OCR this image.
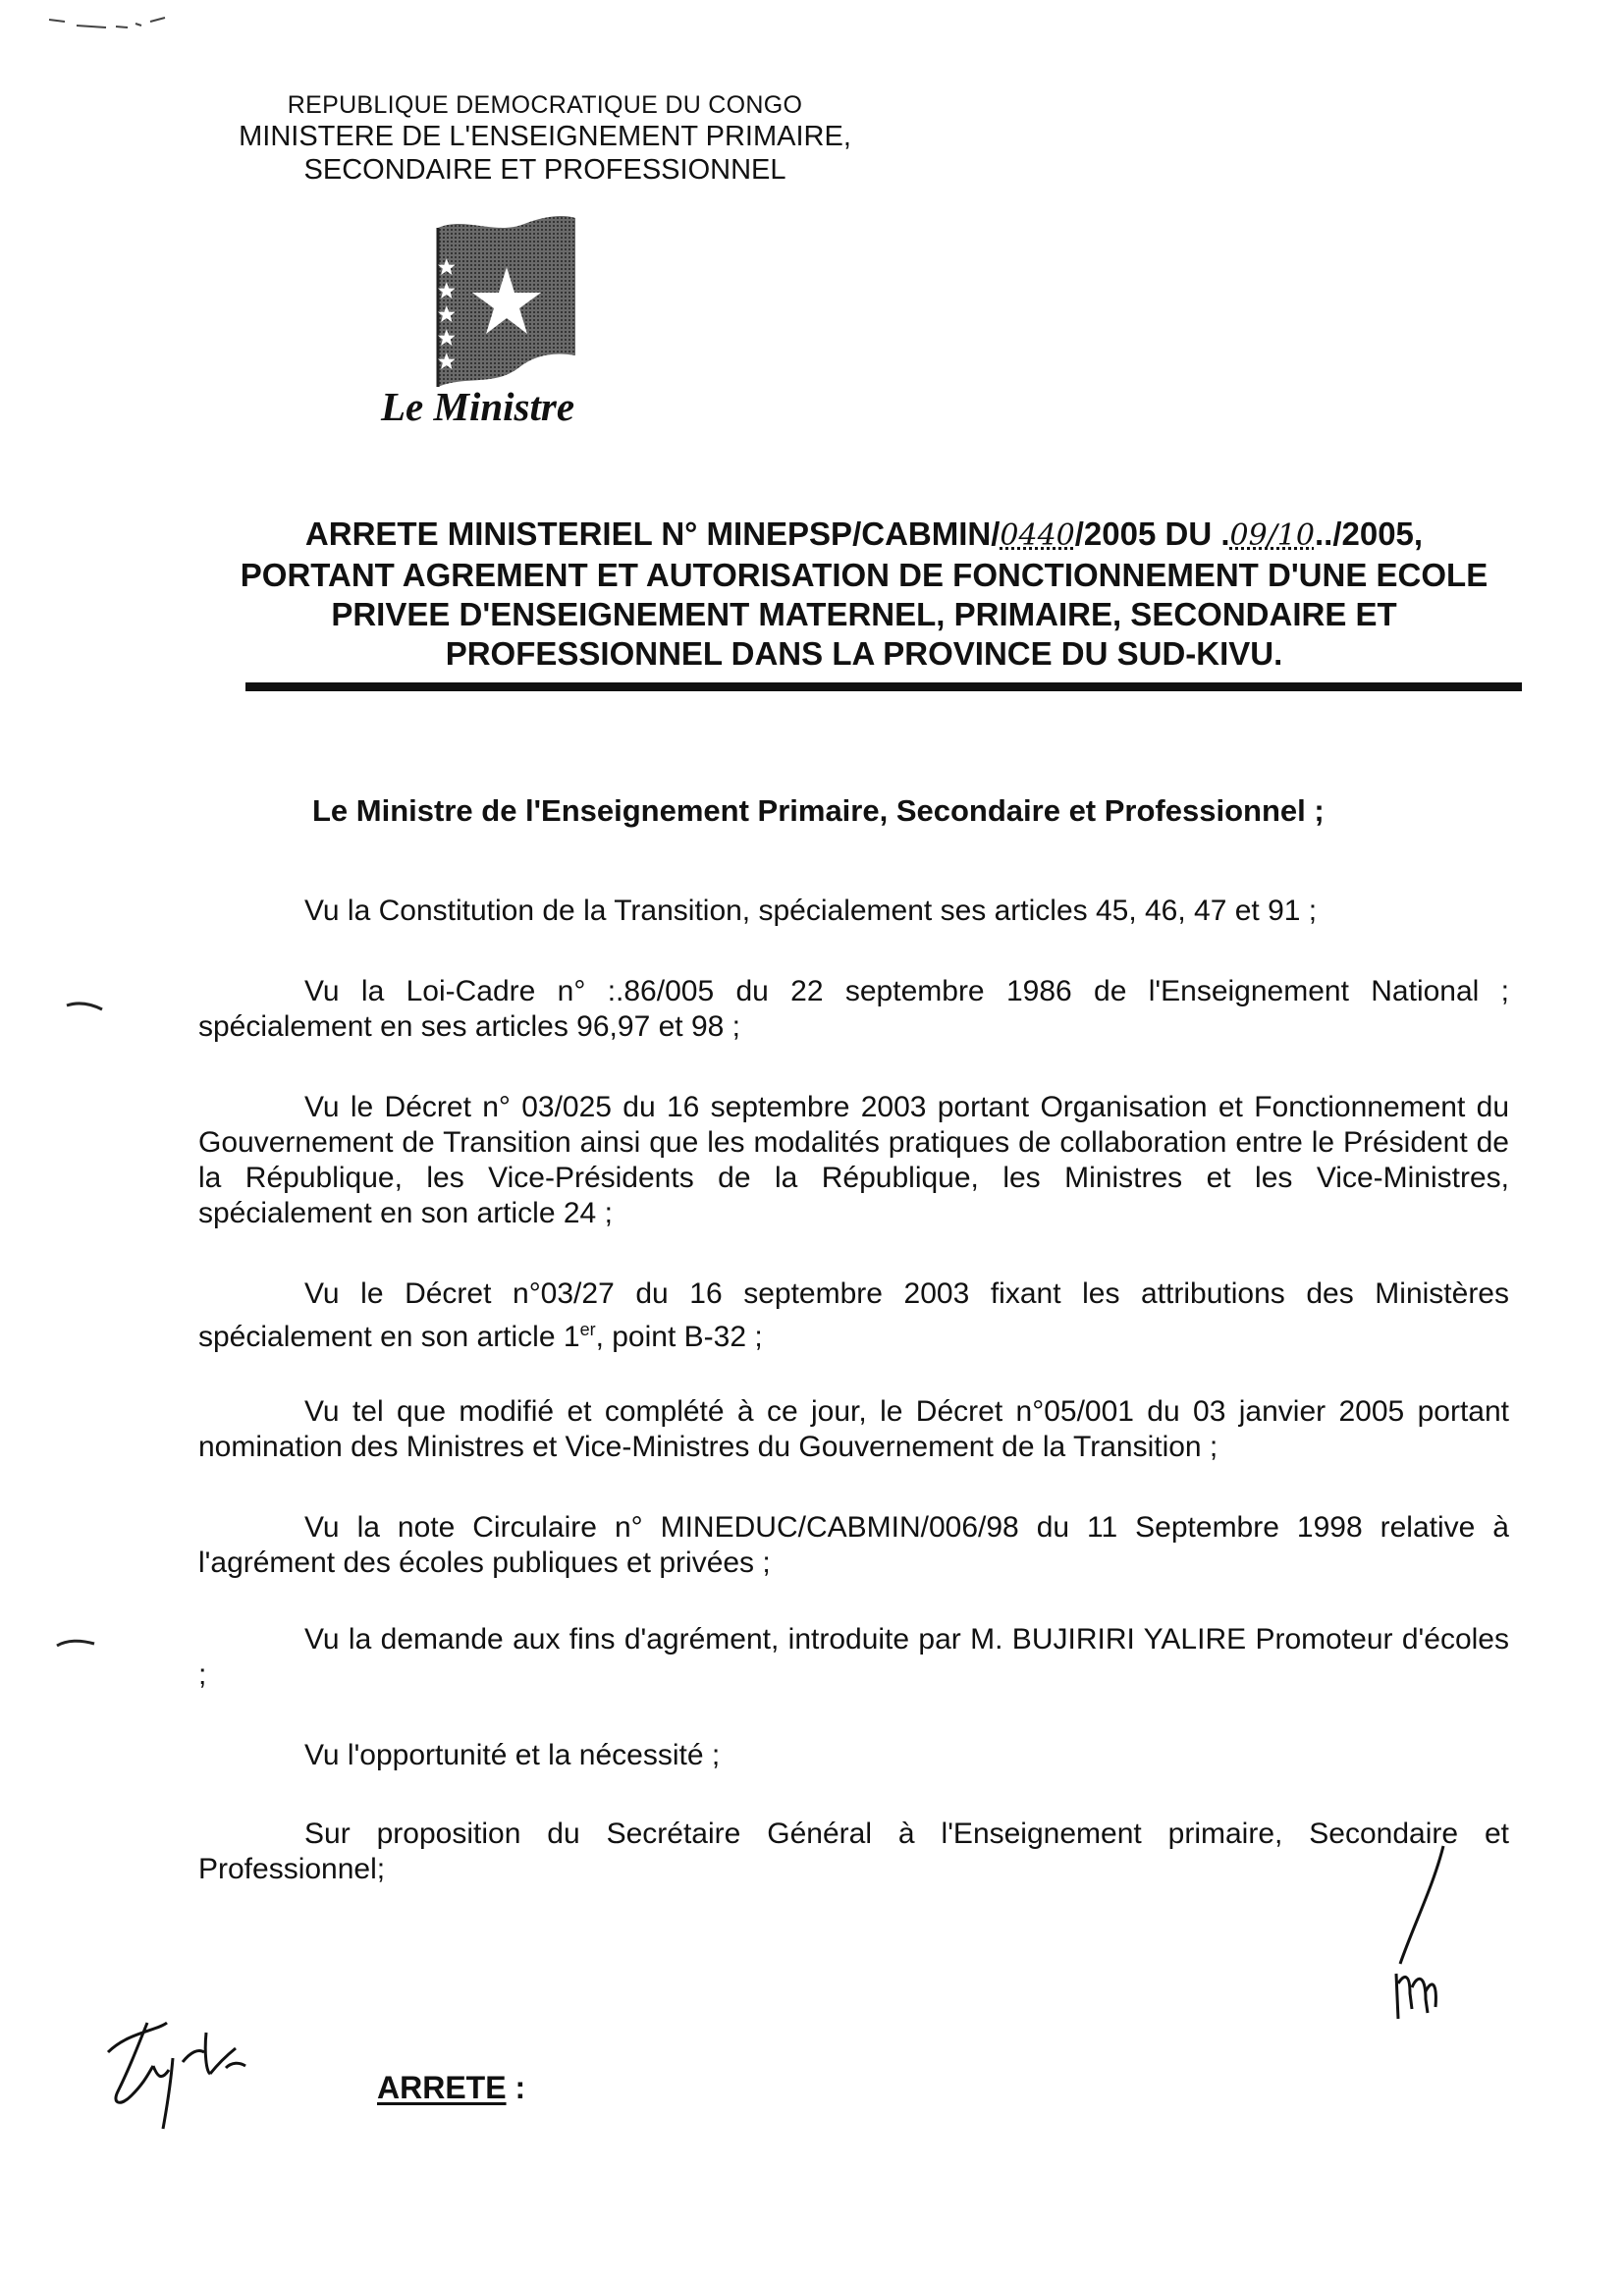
REPUBLIQUE DEMOCRATIQUE DU CONGO
MINISTERE DE L'ENSEIGNEMENT PRIMAIRE,
SECONDAIRE ET PROFESSIONNEL
Le Ministre
ARRETE MINISTERIEL N° MINEPSP/CABMIN/0440/2005 DU .09/10../2005,
PORTANT AGREMENT ET AUTORISATION DE FONCTIONNEMENT D'UNE ECOLE
PRIVEE D'ENSEIGNEMENT MATERNEL, PRIMAIRE, SECONDAIRE ET
PROFESSIONNEL DANS LA PROVINCE DU SUD-KIVU.
Le Ministre de l'Enseignement Primaire, Secondaire et Professionnel ;
Vu la Constitution de la Transition, spécialement ses articles 45, 46, 47 et 91 ;
Vu la Loi-Cadre n° :.86/005 du 22 septembre 1986 de l'Enseignement National ; spécialement en ses articles 96,97 et 98 ;
Vu le Décret n° 03/025 du 16 septembre 2003 portant Organisation et Fonctionnement du Gouvernement de Transition ainsi que les modalités pratiques de collaboration entre le Président de la République, les Vice-Présidents de la République, les Ministres et les Vice-Ministres, spécialement en son article 24 ;
Vu le Décret n°03/27 du 16 septembre 2003 fixant les attributions des Ministères spécialement en son article 1er, point B-32 ;
Vu tel que modifié et complété à ce jour, le Décret n°05/001 du 03 janvier 2005 portant nomination des Ministres et Vice-Ministres du Gouvernement de la Transition ;
Vu la note Circulaire n° MINEDUC/CABMIN/006/98 du 11 Septembre 1998 relative à l'agrément des écoles publiques et privées ;
Vu la demande aux fins d'agrément, introduite par M. BUJIRIRI YALIRE Promoteur d'écoles ;
Vu l'opportunité et la nécessité ;
Sur proposition du Secrétaire Général à l'Enseignement primaire, Secondaire et Professionnel;
ARRETE :
